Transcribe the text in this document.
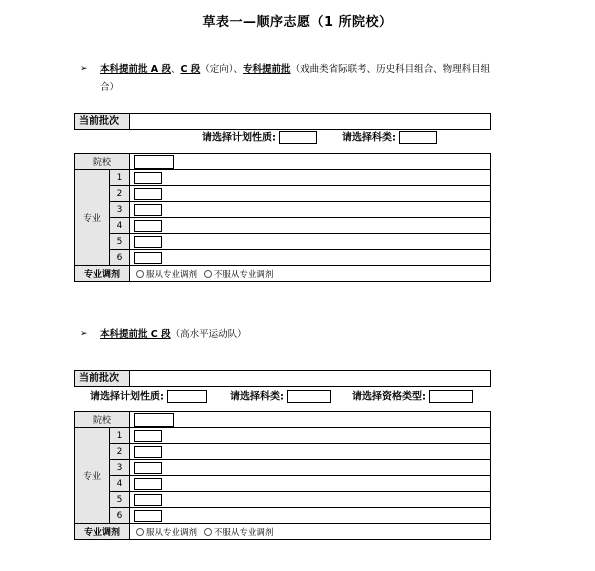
草表一—顺序志愿（1 所院校）
➢ 本科提前批 A 段、C 段（定向）、专科提前批（戏曲类省际联考、历史科目组合、物理科目组
合）
当前批次
请选择计划性质:	请选择科类:
院校		

专业	1	

	2	

	3	

	4	

	5	

	6	

专业调剂		服从专业调剂 不服从专业调剂
➢ 本科提前批 C 段（高水平运动队）
当前批次
请选择计划性质:	请选择科类:	请选择资格类型:
院校		

专业	1	

	2	

	3	

	4	

	5	

	6	

专业调剂		服从专业调剂 不服从专业调剂
